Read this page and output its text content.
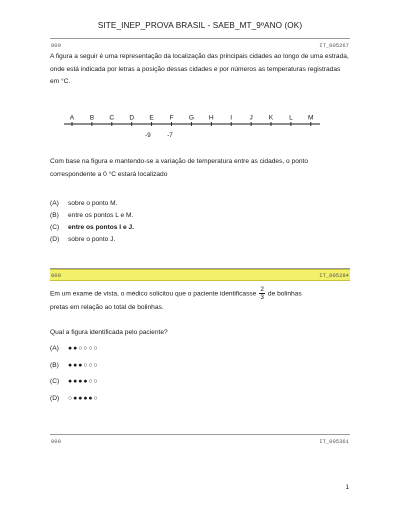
SITE_INEP_PROVA BRASIL - SAEB_MT_9ºANO (OK)
000	IT_005267

A figura a seguir é uma representação da localização das principais cidades ao longo de uma estrada, onde está indicada por letras a posição dessas cidades e por números as temperaturas registradas em °C.

A B C D E F G H	I	J K L M
-9	-7

Com base na figura e mantendo-se a variação de temperatura entre as cidades, o ponto correspondente a 0 °C estará localizado

(A) sobre o ponto M.
(B) entre os pontos L e M.
(C) entre os pontos I e J.
(D) sobre o ponto J.
000	IT_005284
Em um exame de vista, o médico solicitou que o paciente identificasse $\frac{2}{3}$ de bolinhas
pretas em relação ao total de bolinhas.
Qual a figura identificada pelo paciente?
(A) ●●○○○○
(B) ●●●○○○
(C) ●●●●○○
(D) ○●●●●○
000	IT_005361
1
